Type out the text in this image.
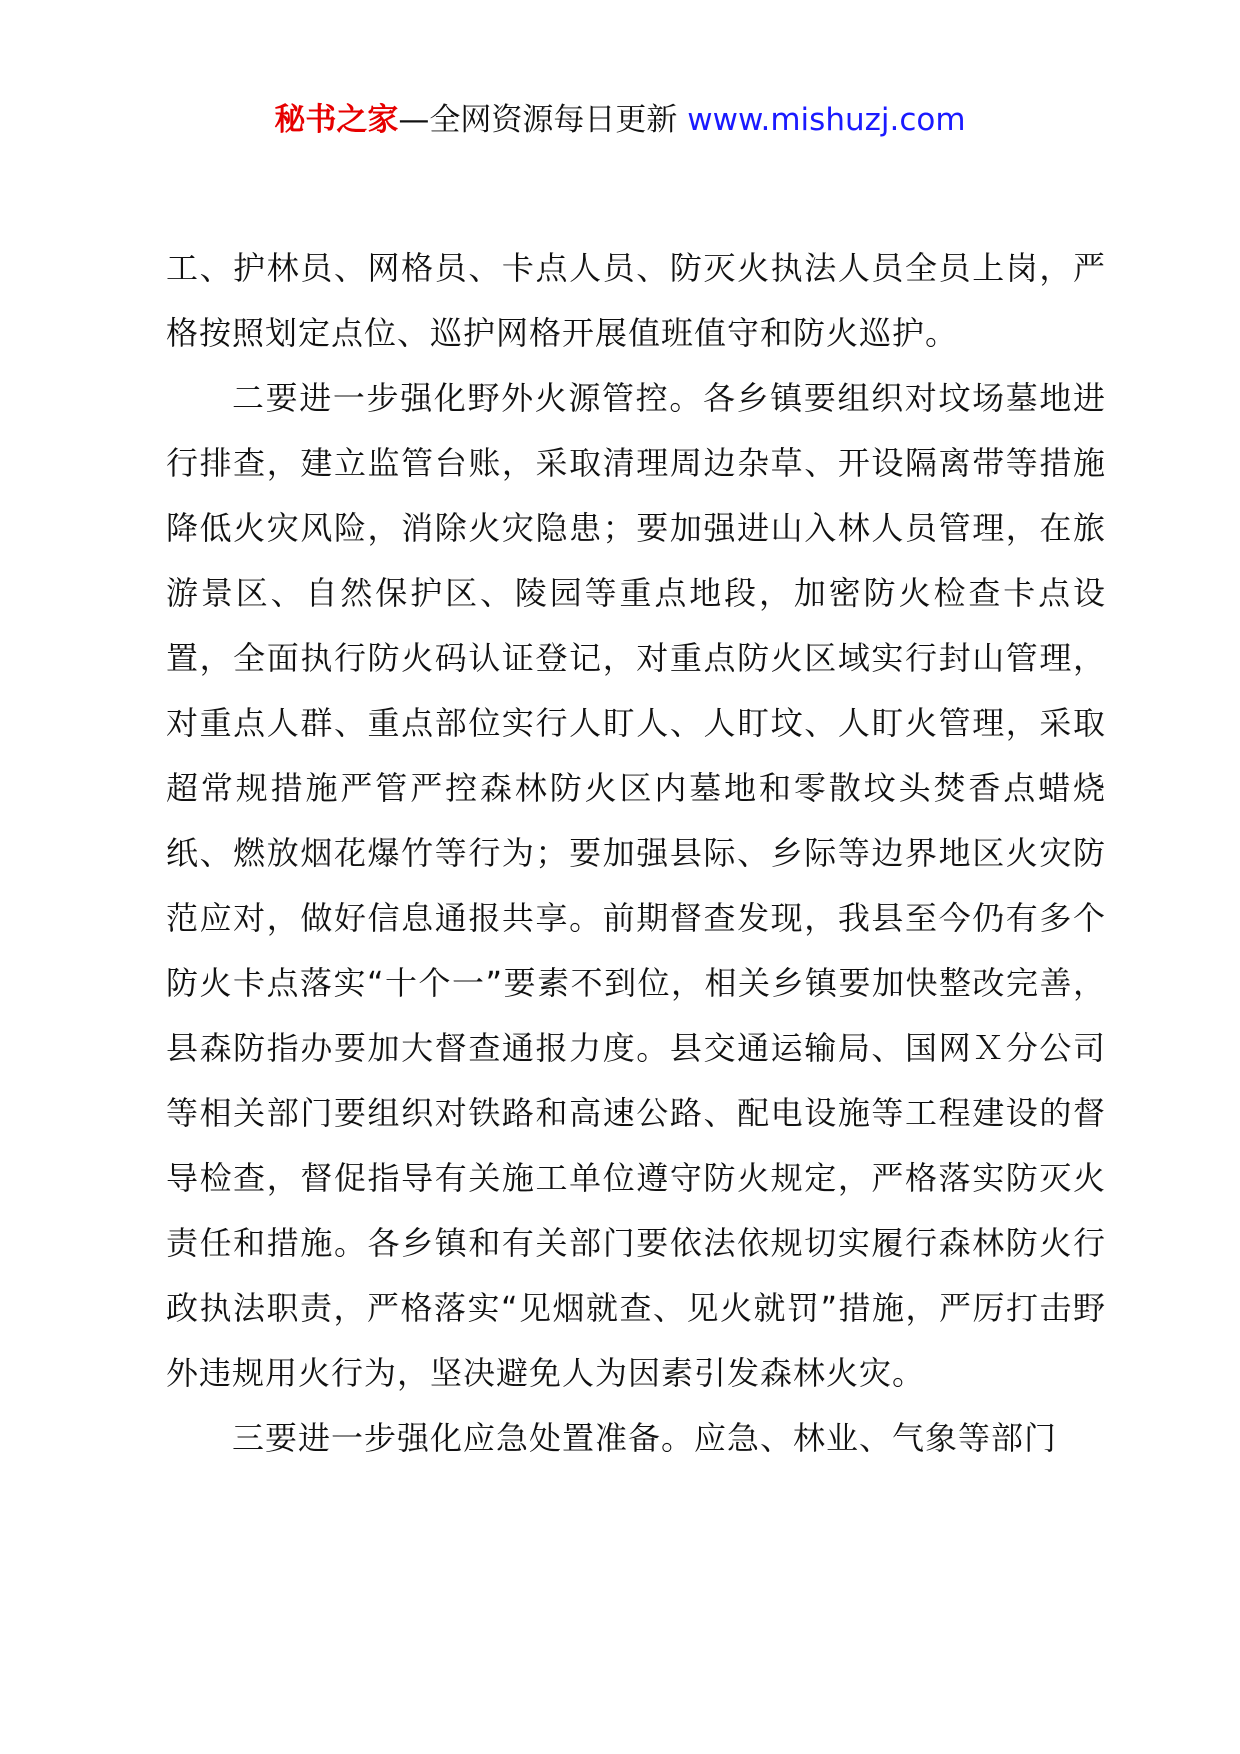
秘书之家—全网资源每日更新 www.mishuzj.com

工、护林员、网格员、卡点人员、防灭火执法人员全员上岗，严格按照划定点位、巡护网格开展值班值守和防火巡护。

二要进一步强化野外火源管控。各乡镇要组织对坟场墓地进行排查，建立监管台账，采取清理周边杂草、开设隔离带等措施降低火灾风险，消除火灾隐患；要加强进山入林人员管理，在旅游景区、自然保护区、陵园等重点地段，加密防火检查卡点设置，全面执行防火码认证登记，对重点防火区域实行封山管理，对重点人群、重点部位实行人盯人、人盯坟、人盯火管理，采取超常规措施严管严控森林防火区内墓地和零散坟头焚香点蜡烧纸、燃放烟花爆竹等行为；要加强县际、乡际等边界地区火灾防范应对，做好信息通报共享。前期督查发现，我县至今仍有多个防火卡点落实“十个一”要素不到位，相关乡镇要加快整改完善，县森防指办要加大督查通报力度。县交通运输局、国网Ｘ分公司等相关部门要组织对铁路和高速公路、配电设施等工程建设的督导检查，督促指导有关施工单位遵守防火规定，严格落实防灭火责任和措施。各乡镇和有关部门要依法依规切实履行森林防火行政执法职责，严格落实“见烟就查、见火就罚”措施，严厉打击野外违规用火行为，坚决避免人为因素引发森林火灾。

三要进一步强化应急处置准备。应急、林业、气象等部门
